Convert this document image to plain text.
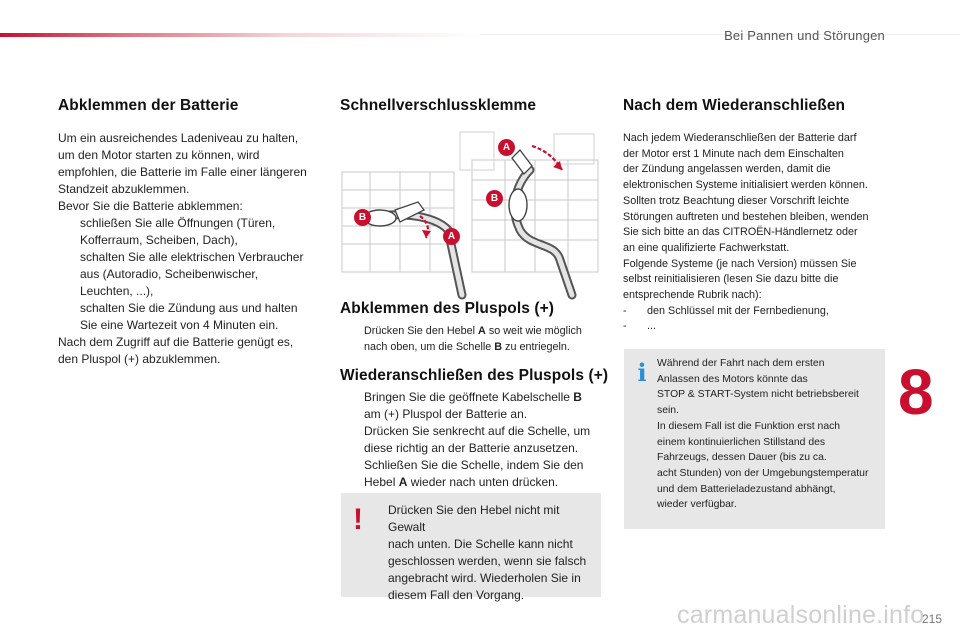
Bei Pannen und Störungen
Abklemmen der Batterie
Um ein ausreichendes Ladeniveau zu halten,
um den Motor starten zu können, wird
empfohlen, die Batterie im Falle einer längeren
Standzeit abzuklemmen.
Bevor Sie die Batterie abklemmen:
schließen Sie alle Öffnungen (Türen,
Kofferraum, Scheiben, Dach),
schalten Sie alle elektrischen Verbraucher
aus (Autoradio, Scheibenwischer,
Leuchten, ...),
schalten Sie die Zündung aus und halten
Sie eine Wartezeit von 4 Minuten ein.
Nach dem Zugriff auf die Batterie genügt es,
den Pluspol (+) abzuklemmen.
Schnellverschlussklemme
B
A
A
B
Abklemmen des Pluspols (+)
Drücken Sie den Hebel A so weit wie möglich
nach oben, um die Schelle B zu entriegeln.
Wiederanschließen des Pluspols (+)
Bringen Sie die geöffnete Kabelschelle B
am (+) Pluspol der Batterie an.
Drücken Sie senkrecht auf die Schelle, um
diese richtig an der Batterie anzusetzen.
Schließen Sie die Schelle, indem Sie den
Hebel A wieder nach unten drücken.
!	Drücken Sie den Hebel nicht mit Gewalt
nach unten. Die Schelle kann nicht
geschlossen werden, wenn sie falsch
angebracht wird. Wiederholen Sie in
diesem Fall den Vorgang.
Nach dem Wiederanschließen
Nach jedem Wiederanschließen der Batterie darf
der Motor erst 1 Minute nach dem Einschalten
der Zündung angelassen werden, damit die
elektronischen Systeme initialisiert werden können.
Sollten trotz Beachtung dieser Vorschrift leichte
Störungen auftreten und bestehen bleiben, wenden
Sie sich bitte an das CITROËN-Händlernetz oder
an eine qualifizierte Fachwerkstatt.
Folgende Systeme (je nach Version) müssen Sie
selbst reinitialisieren (lesen Sie dazu bitte die
entsprechende Rubrik nach):
-	den Schlüssel mit der Fernbedienung,
-	...
i Während der Fahrt nach dem ersten
Anlassen des Motors könnte das
STOP & START-System nicht betriebsbereit
sein.
In diesem Fall ist die Funktion erst nach
einem kontinuierlichen Stillstand des
Fahrzeugs, dessen Dauer (bis zu ca.
acht Stunden) von der Umgebungstemperatur
und dem Batterieladezustand abhängt,
wieder verfügbar.
8
215
carmanualsonline.info
